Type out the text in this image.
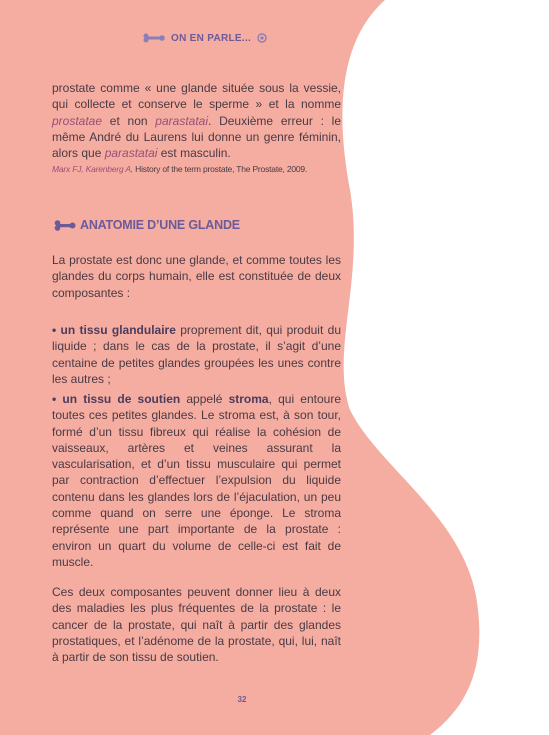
ON EN PARLE...

prostate comme « une glande située sous la vessie, qui collecte et conserve le sperme » et la nomme prostatae et non parastatai. Deuxième erreur : le même André du Laurens lui donne un genre féminin, alors que parastatai est masculin.

Marx FJ, Karenberg A, History of the term prostate, The Prostate, 2009.

ANATOMIE D’UNE GLANDE

La prostate est donc une glande, et comme toutes les glandes du corps humain, elle est constituée de deux composantes :

• un tissu glandulaire proprement dit, qui produit du liquide ; dans le cas de la prostate, il s’agit d’une centaine de petites glandes groupées les unes contre les autres ;

• un tissu de soutien appelé stroma, qui entoure toutes ces petites glandes. Le stroma est, à son tour, formé d’un tissu fibreux qui réalise la cohésion de vaisseaux, artères et veines assurant la vascularisation, et d’un tissu musculaire qui permet par contraction d’effectuer l’expulsion du liquide contenu dans les glandes lors de l’éjaculation, un peu comme quand on serre une éponge. Le stroma représente une part importante de la prostate : environ un quart du volume de celle-ci est fait de muscle.

Ces deux composantes peuvent donner lieu à deux des maladies les plus fréquentes de la prostate : le cancer de la prostate, qui naît à partir des glandes prostatiques, et l’adénome de la prostate, qui, lui, naît à partir de son tissu de soutien.

32
